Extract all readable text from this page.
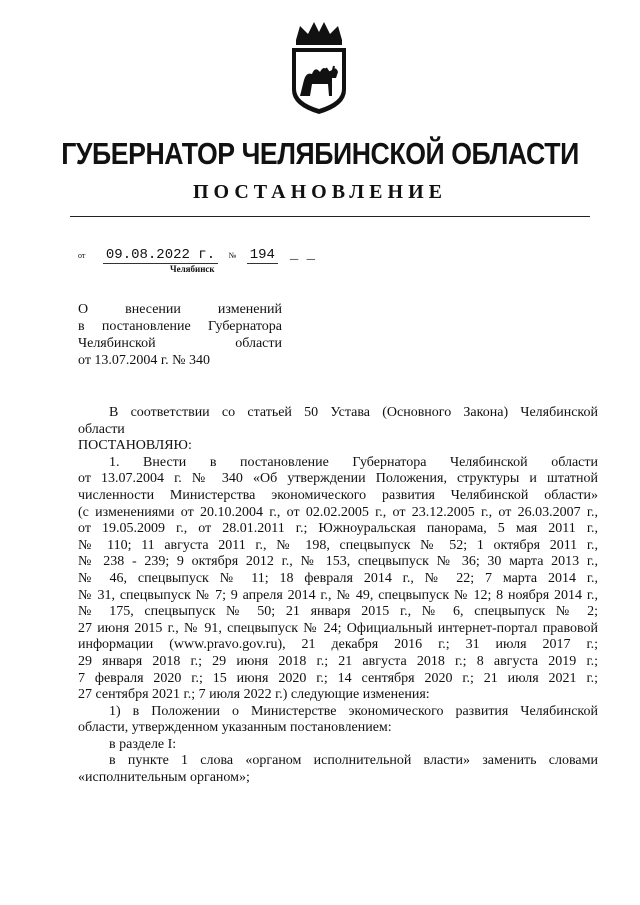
ГУБЕРНАТОР ЧЕЛЯБИНСКОЙ ОБЛАСТИ
ПОСТАНОВЛЕНИЕ
от 09.08.2022 г. № 194  _ _
Челябинск
О внесении изменений
в постановление Губернатора
Челябинской области
от 13.07.2004 г. № 340
В соответствии со статьей 50 Устава (Основного Закона) Челябинской
области
ПОСТАНОВЛЯЮ:
1. Внести в постановление Губернатора Челябинской области
от 13.07.2004 г. № 340 «Об утверждении Положения, структуры и штатной
численности Министерства экономического развития Челябинской области»
(с изменениями от 20.10.2004 г., от 02.02.2005 г., от 23.12.2005 г., от 26.03.2007 г.,
от 19.05.2009 г., от 28.01.2011 г.; Южноуральская панорама, 5 мая 2011 г.,
№ 110; 11 августа 2011 г., № 198, спецвыпуск № 52; 1 октября 2011 г.,
№ 238 - 239; 9 октября 2012 г., № 153, спецвыпуск № 36; 30 марта 2013 г.,
№ 46, спецвыпуск № 11; 18 февраля 2014 г., № 22; 7 марта 2014 г.,
№ 31, спецвыпуск № 7; 9 апреля 2014 г., № 49, спецвыпуск № 12; 8 ноября 2014 г.,
№ 175, спецвыпуск № 50; 21 января 2015 г., № 6, спецвыпуск № 2;
27 июня 2015 г., № 91, спецвыпуск № 24; Официальный интернет-портал правовой
информации (www.pravo.gov.ru), 21 декабря 2016 г.; 31 июля 2017 г.;
29 января 2018 г.; 29 июня 2018 г.; 21 августа 2018 г.; 8 августа 2019 г.;
7 февраля 2020 г.; 15 июня 2020 г.; 14 сентября 2020 г.; 21 июля 2021 г.;
27 сентября 2021 г.; 7 июля 2022 г.) следующие изменения:
1) в Положении о Министерстве экономического развития Челябинской
области, утвержденном указанным постановлением:
в разделе I:
в пункте 1 слова «органом исполнительной власти» заменить словами
«исполнительным органом»;
